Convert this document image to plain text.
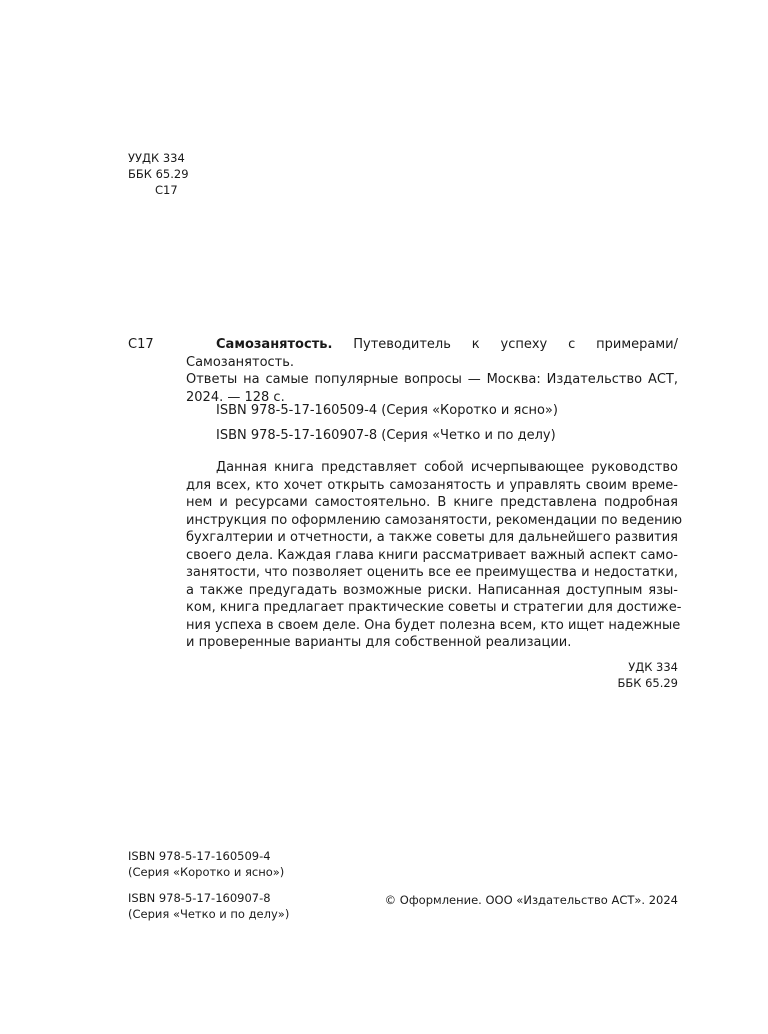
УУДК 334
ББК 65.29
С17
С17	Самозанятость. Путеводитель к успеху с примерами/ Самозанятость.
Ответы на самые популярные вопросы — Москва: Издательство АСТ,
2024. — 128 с.
ISBN 978-5-17-160509-4 (Серия «Коротко и ясно»)
ISBN 978-5-17-160907-8 (Серия «Четко и по делу)
Данная книга представляет собой исчерпывающее руководство
для всех, кто хочет открыть самозанятость и управлять своим време-
нем и ресурсами самостоятельно. В книге представлена подробная
инструкция по оформлению самозанятости, рекомендации по ведению
бухгалтерии и отчетности, а также советы для дальнейшего развития
своего дела. Каждая глава книги рассматривает важный аспект само-
занятости, что позволяет оценить все ее преимущества и недостатки,
а также предугадать возможные риски. Написанная доступным язы-
ком, книга предлагает практические советы и стратегии для достиже-
ния успеха в своем деле. Она будет полезна всем, кто ищет надежные
и проверенные варианты для собственной реализации.
УДК 334
ББК 65.29
ISBN 978-5-17-160509-4
(Серия «Коротко и ясно»)
ISBN 978-5-17-160907-8
(Серия «Четко и по делу»)
© Оформление. ООО «Издательство АСТ». 2024
